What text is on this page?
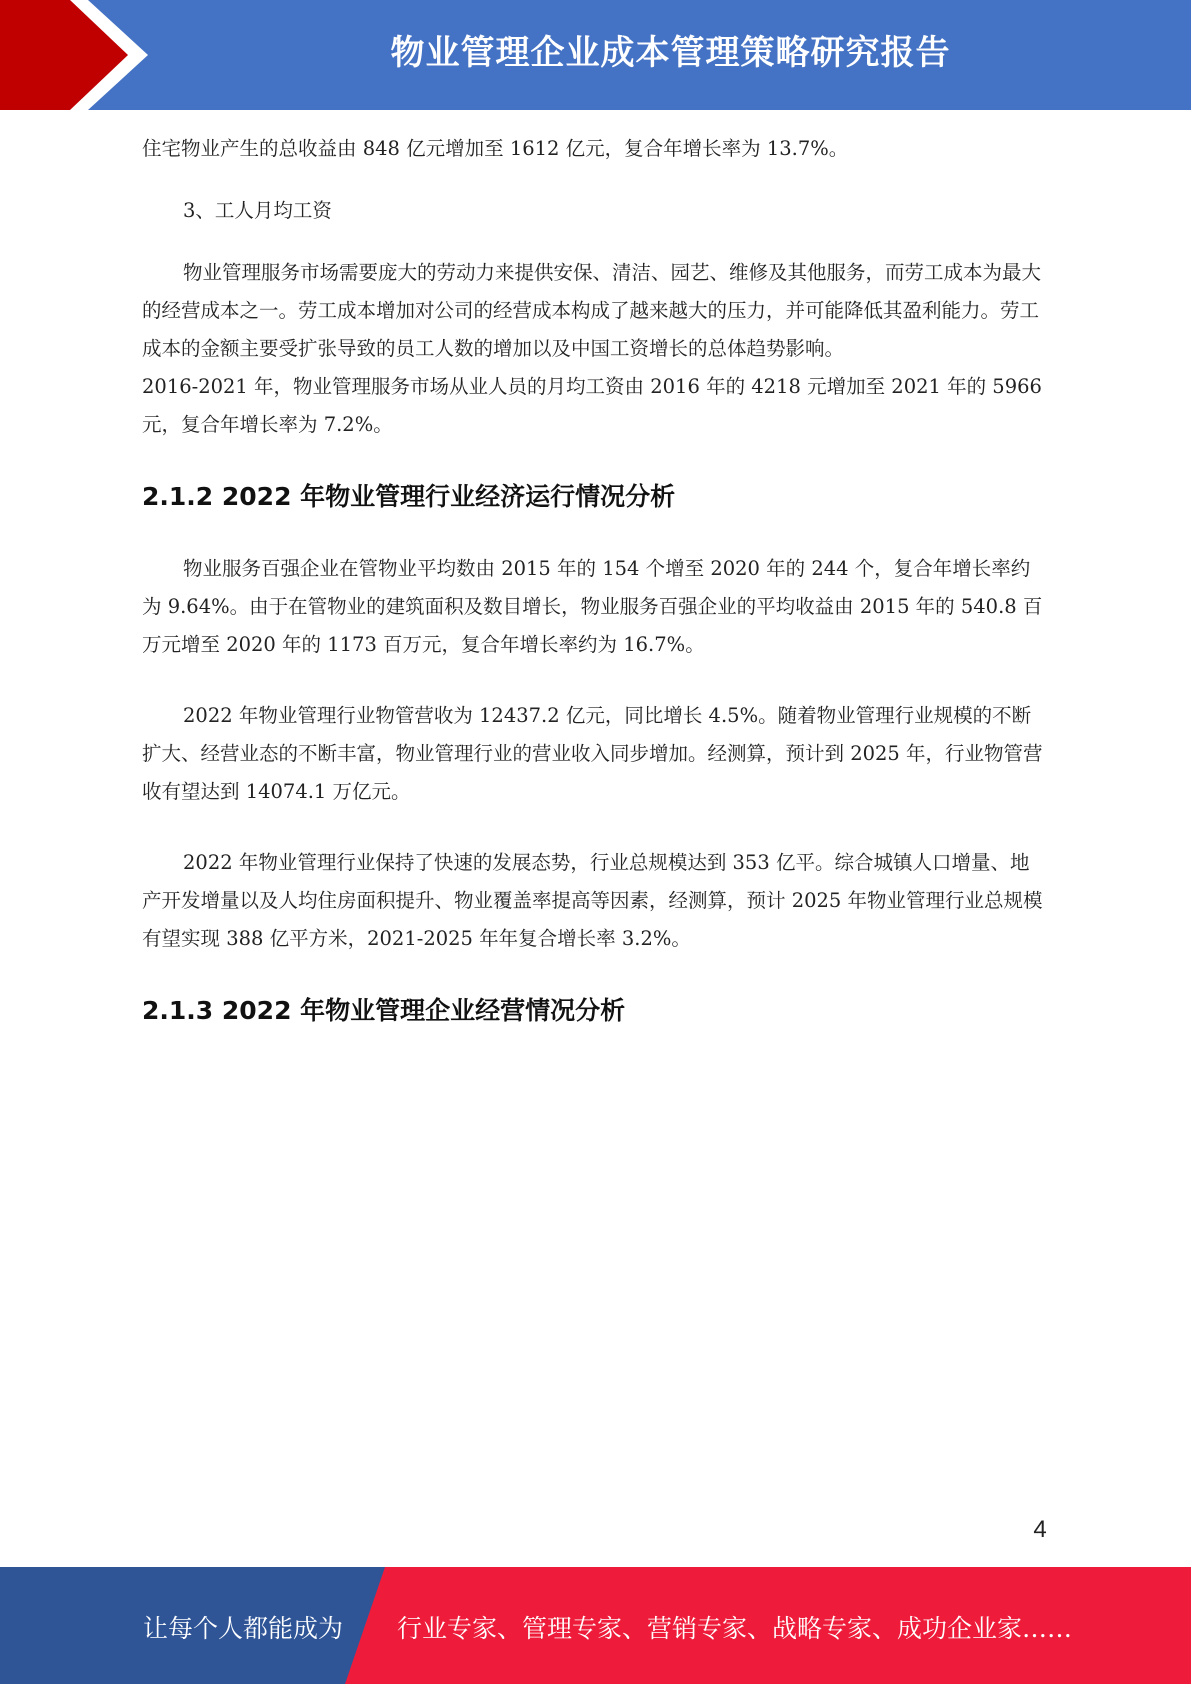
物业管理企业成本管理策略研究报告

住宅物业产生的总收益由 848 亿元增加至 1612 亿元，复合年增长率为 13.7%。

3、工人月均工资

物业管理服务市场需要庞大的劳动力来提供安保、清洁、园艺、维修及其他服务，而劳工成本为最大的经营成本之一。劳工成本增加对公司的经营成本构成了越来越大的压力，并可能降低其盈利能力。劳工成本的金额主要受扩张导致的员工人数的增加以及中国工资增长的总体趋势影响。

2016-2021 年，物业管理服务市场从业人员的月均工资由 2016 年的 4218 元增加至 2021 年的 5966 元，复合年增长率为 7.2%。

2.1.2 2022 年物业管理行业经济运行情况分析

物业服务百强企业在管物业平均数由 2015 年的 154 个增至 2020 年的 244 个，复合年增长率约为 9.64%。由于在管物业的建筑面积及数目增长，物业服务百强企业的平均收益由 2015 年的 540.8 百万元增至 2020 年的 1173 百万元，复合年增长率约为 16.7%。

2022 年物业管理行业物管营收为 12437.2 亿元，同比增长 4.5%。随着物业管理行业规模的不断扩大、经营业态的不断丰富，物业管理行业的营业收入同步增加。经测算，预计到 2025 年，行业物管营收有望达到 14074.1 万亿元。

2022 年物业管理行业保持了快速的发展态势，行业总规模达到 353 亿平。综合城镇人口增量、地产开发增量以及人均住房面积提升、物业覆盖率提高等因素，经测算，预计 2025 年物业管理行业总规模有望实现 388 亿平方米，2021-2025 年年复合增长率 3.2%。

2.1.3 2022 年物业管理企业经营情况分析
4
让每个人都能成为 行业专家、管理专家、营销专家、战略专家、成功企业家……
